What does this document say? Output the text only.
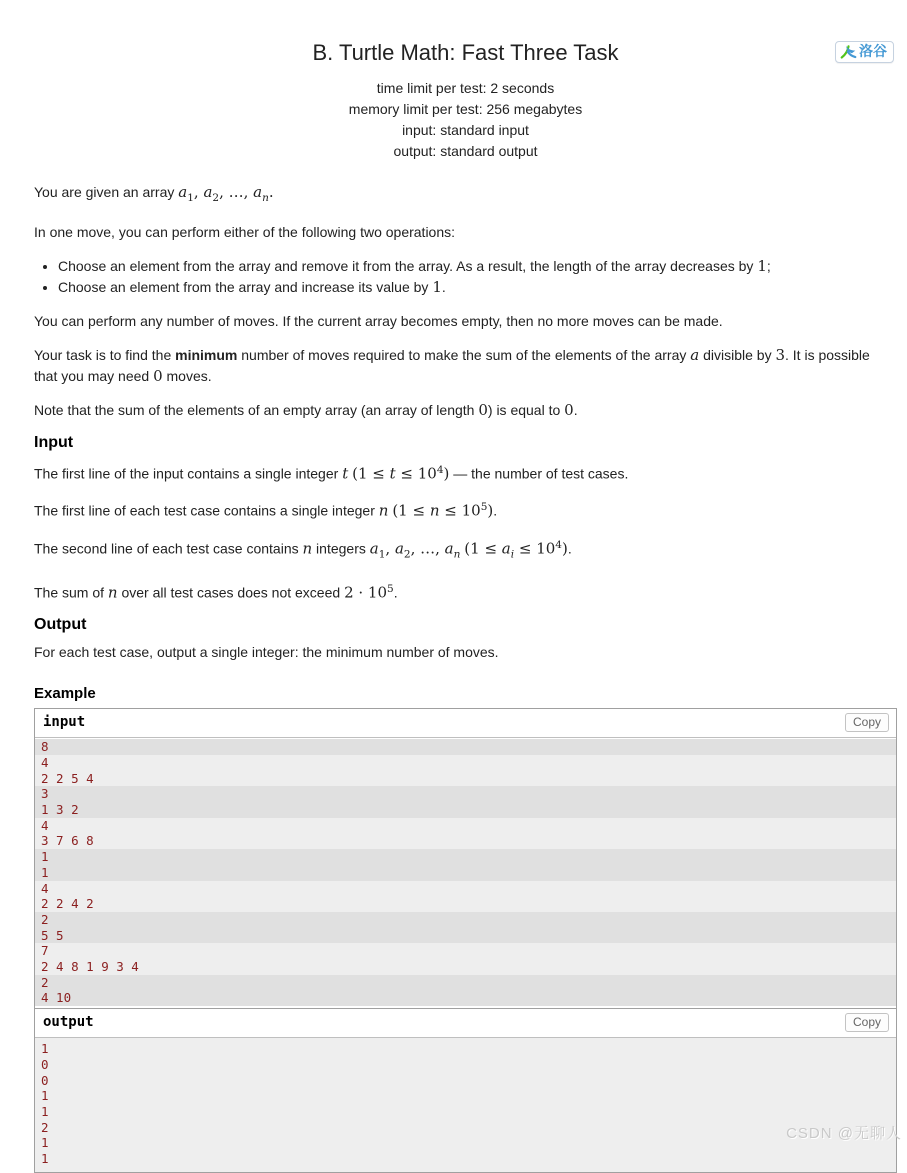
洛谷
B. Turtle Math: Fast Three Task
time limit per test: 2 seconds
memory limit per test: 256 megabytes
input: standard input
output: standard output

You are given an array $a_1$, $a_2$, …, $a_n$.

In one move, you can perform either of the following two operations:

• Choose an element from the array and remove it from the array. As a result, the length of the array decreases by 1;
• Choose an element from the array and increase its value by 1.

You can perform any number of moves. If the current array becomes empty, then no more moves can be made.

Your task is to find the minimum number of moves required to make the sum of the elements of the array a divisible by 3. It is possible that you may need 0 moves.

Note that the sum of the elements of an empty array (an array of length 0) is equal to 0.

Input

The first line of the input contains a single integer t $(1 \le t \le 10^4)$ — the number of test cases.

The first line of each test case contains a single integer n $(1 \le n \le 10^5)$.

The second line of each test case contains n integers $a_1$, $a_2$, …, $a_n$ $(1 \le a_i \le 10^4)$.

The sum of n over all test cases does not exceed $2 \cdot 10^5$.

Output

For each test case, output a single integer: the minimum number of moves.

Example
input	Copy
8
4
2 2 5 4
3
1 3 2
4
3 7 6 8
1
1
4
2 2 4 2
2
5 5
7
2 4 8 1 9 3 4
2
4 10
output	Copy
1
0
0
1
1
2
1
1
CSDN @无聊人
